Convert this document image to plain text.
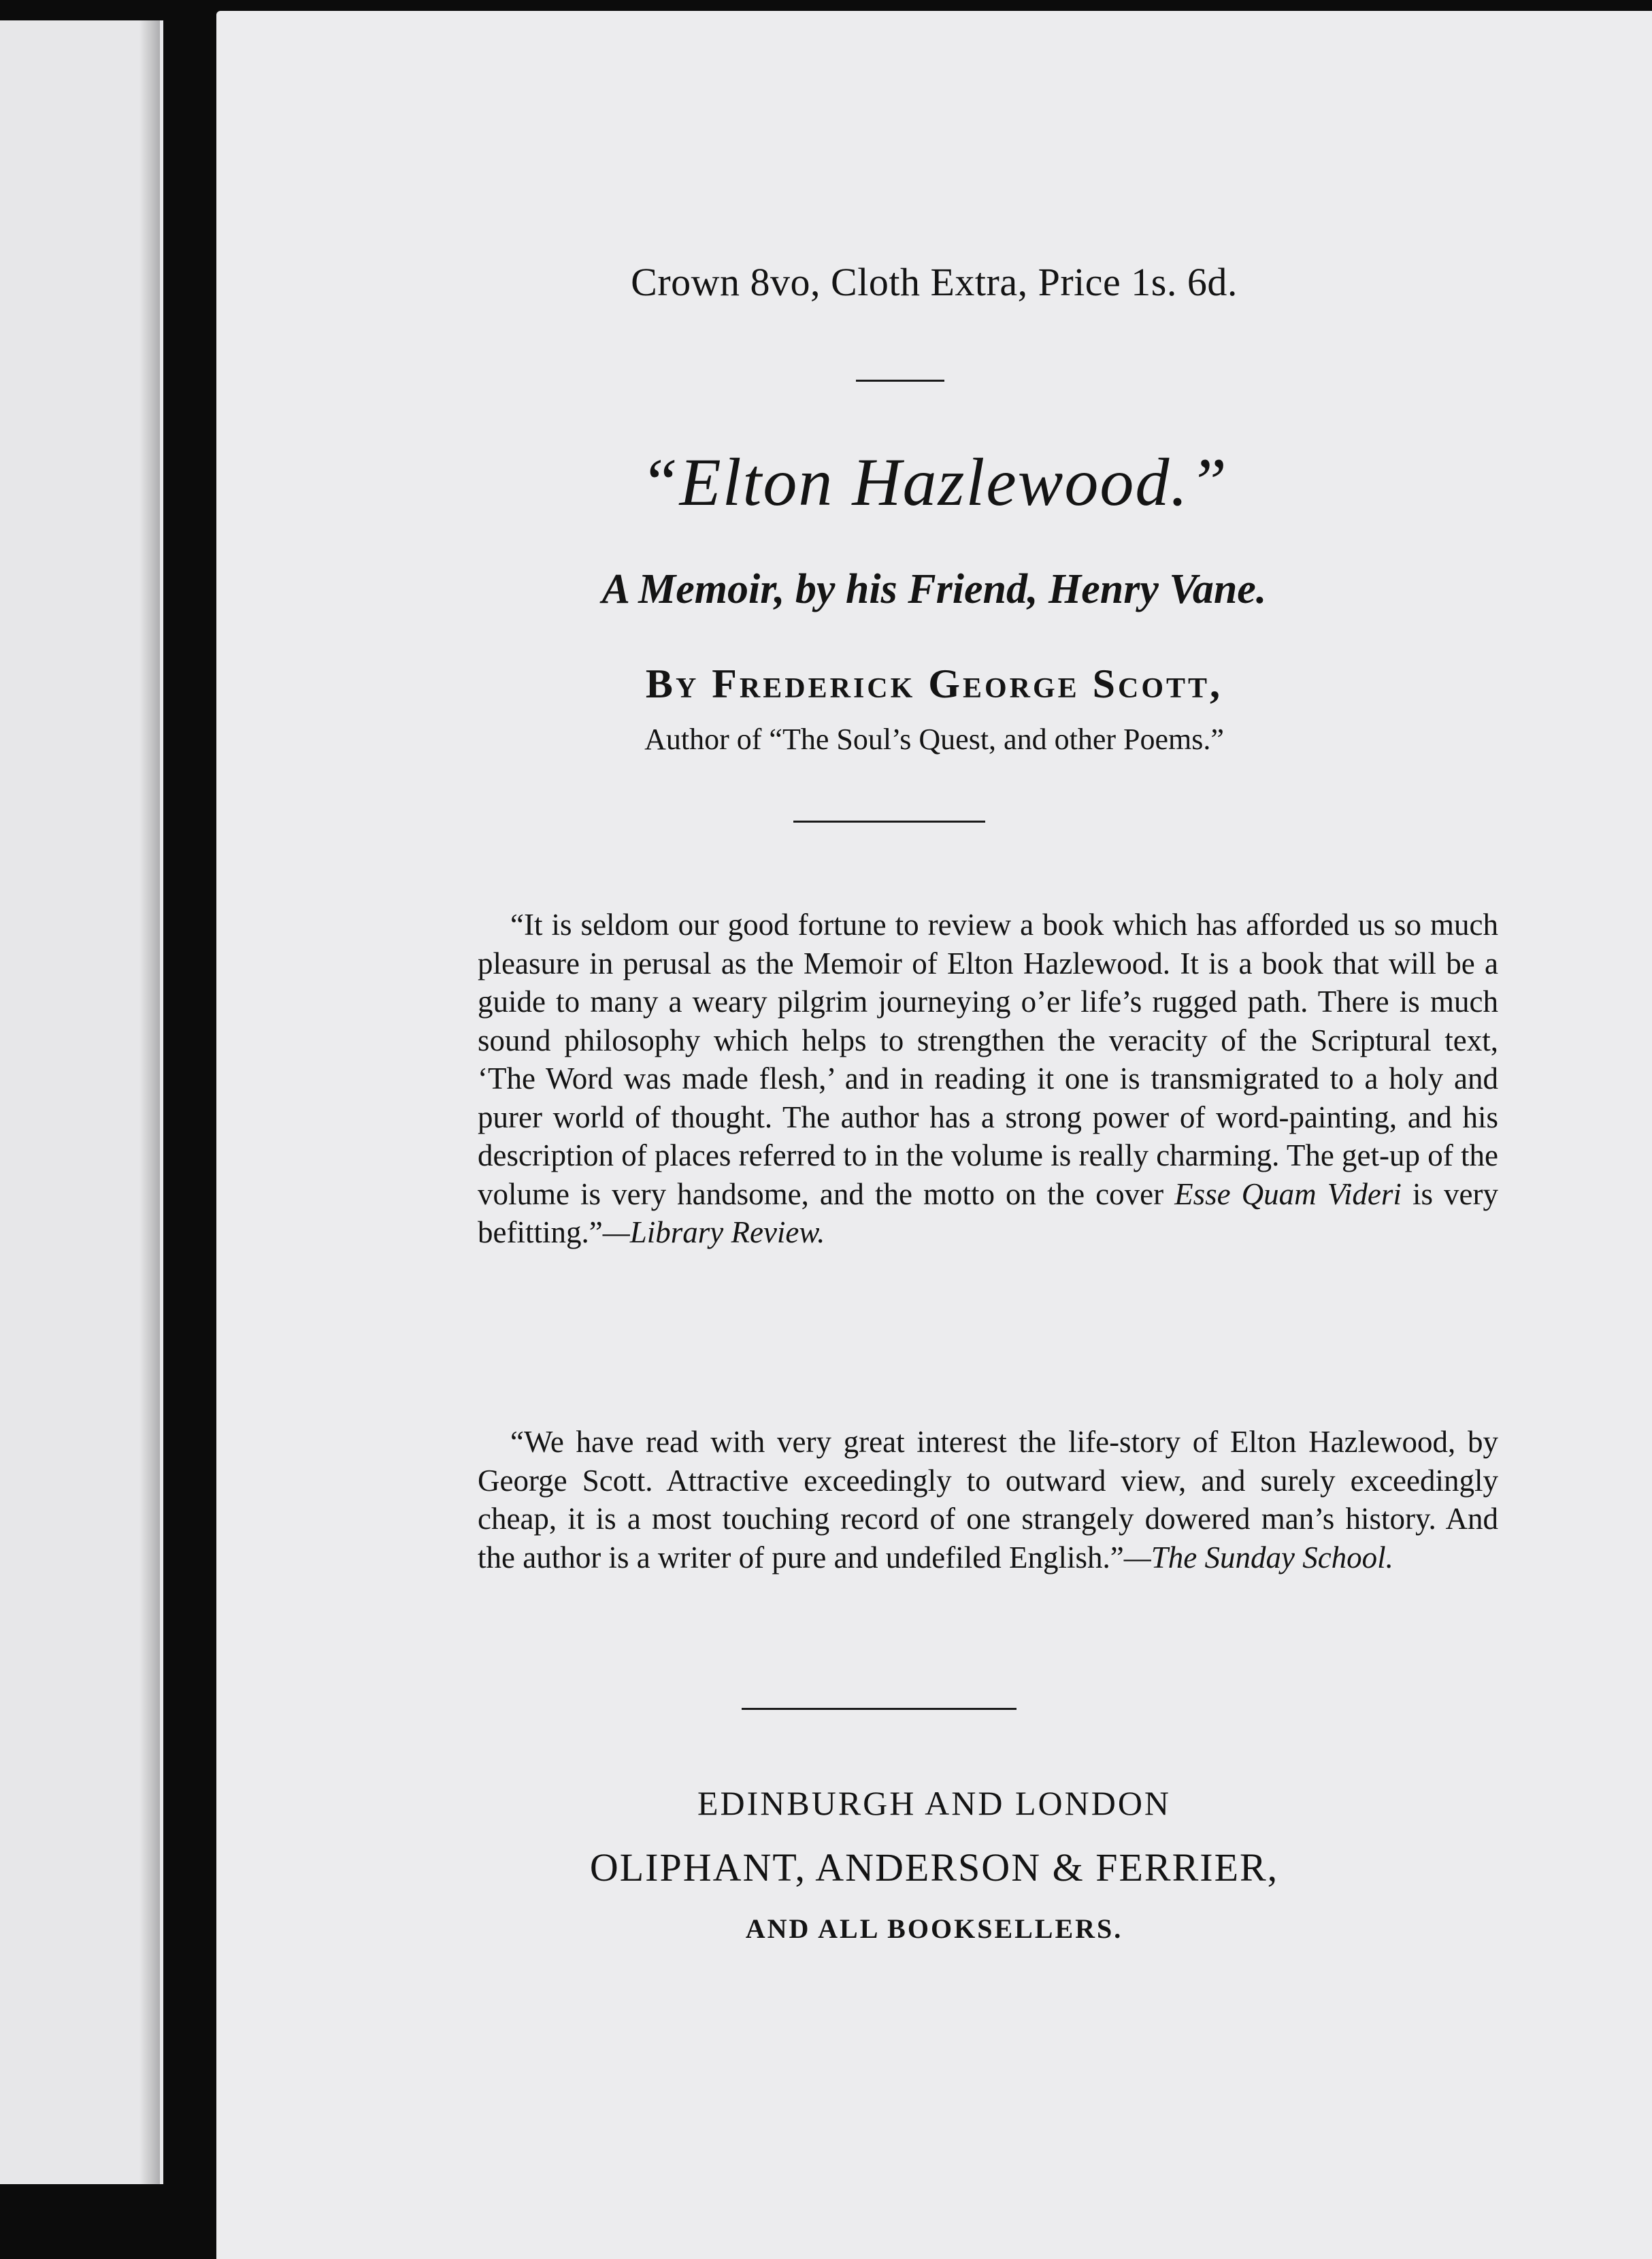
Crown 8vo, Cloth Extra, Price 1s. 6d.
“Elton Hazlewood.”
A Memoir, by his Friend, Henry Vane.
By Frederick George Scott,
Author of “The Soul’s Quest, and other Poems.”
“It is seldom our good fortune to review a book which has afforded us so much pleasure in perusal as the Memoir of Elton Hazlewood. It is a book that will be a guide to many a weary pilgrim journeying o’er life’s rugged path. There is much sound philosophy which helps to strengthen the veracity of the Scriptural text, ‘The Word was made flesh,’ and in reading it one is transmigrated to a holy and purer world of thought. The author has a strong power of word-painting, and his description of places referred to in the volume is really charming. The get-up of the volume is very handsome, and the motto on the cover Esse Quam Videri is very befitting.”—Library Review.
“We have read with very great interest the life-story of Elton Hazlewood, by George Scott. Attractive exceedingly to outward view, and surely exceedingly cheap, it is a most touching record of one strangely dowered man’s history. And the author is a writer of pure and undefiled English.”—The Sunday School.
EDINBURGH AND LONDON
OLIPHANT, ANDERSON & FERRIER,
AND ALL BOOKSELLERS.
